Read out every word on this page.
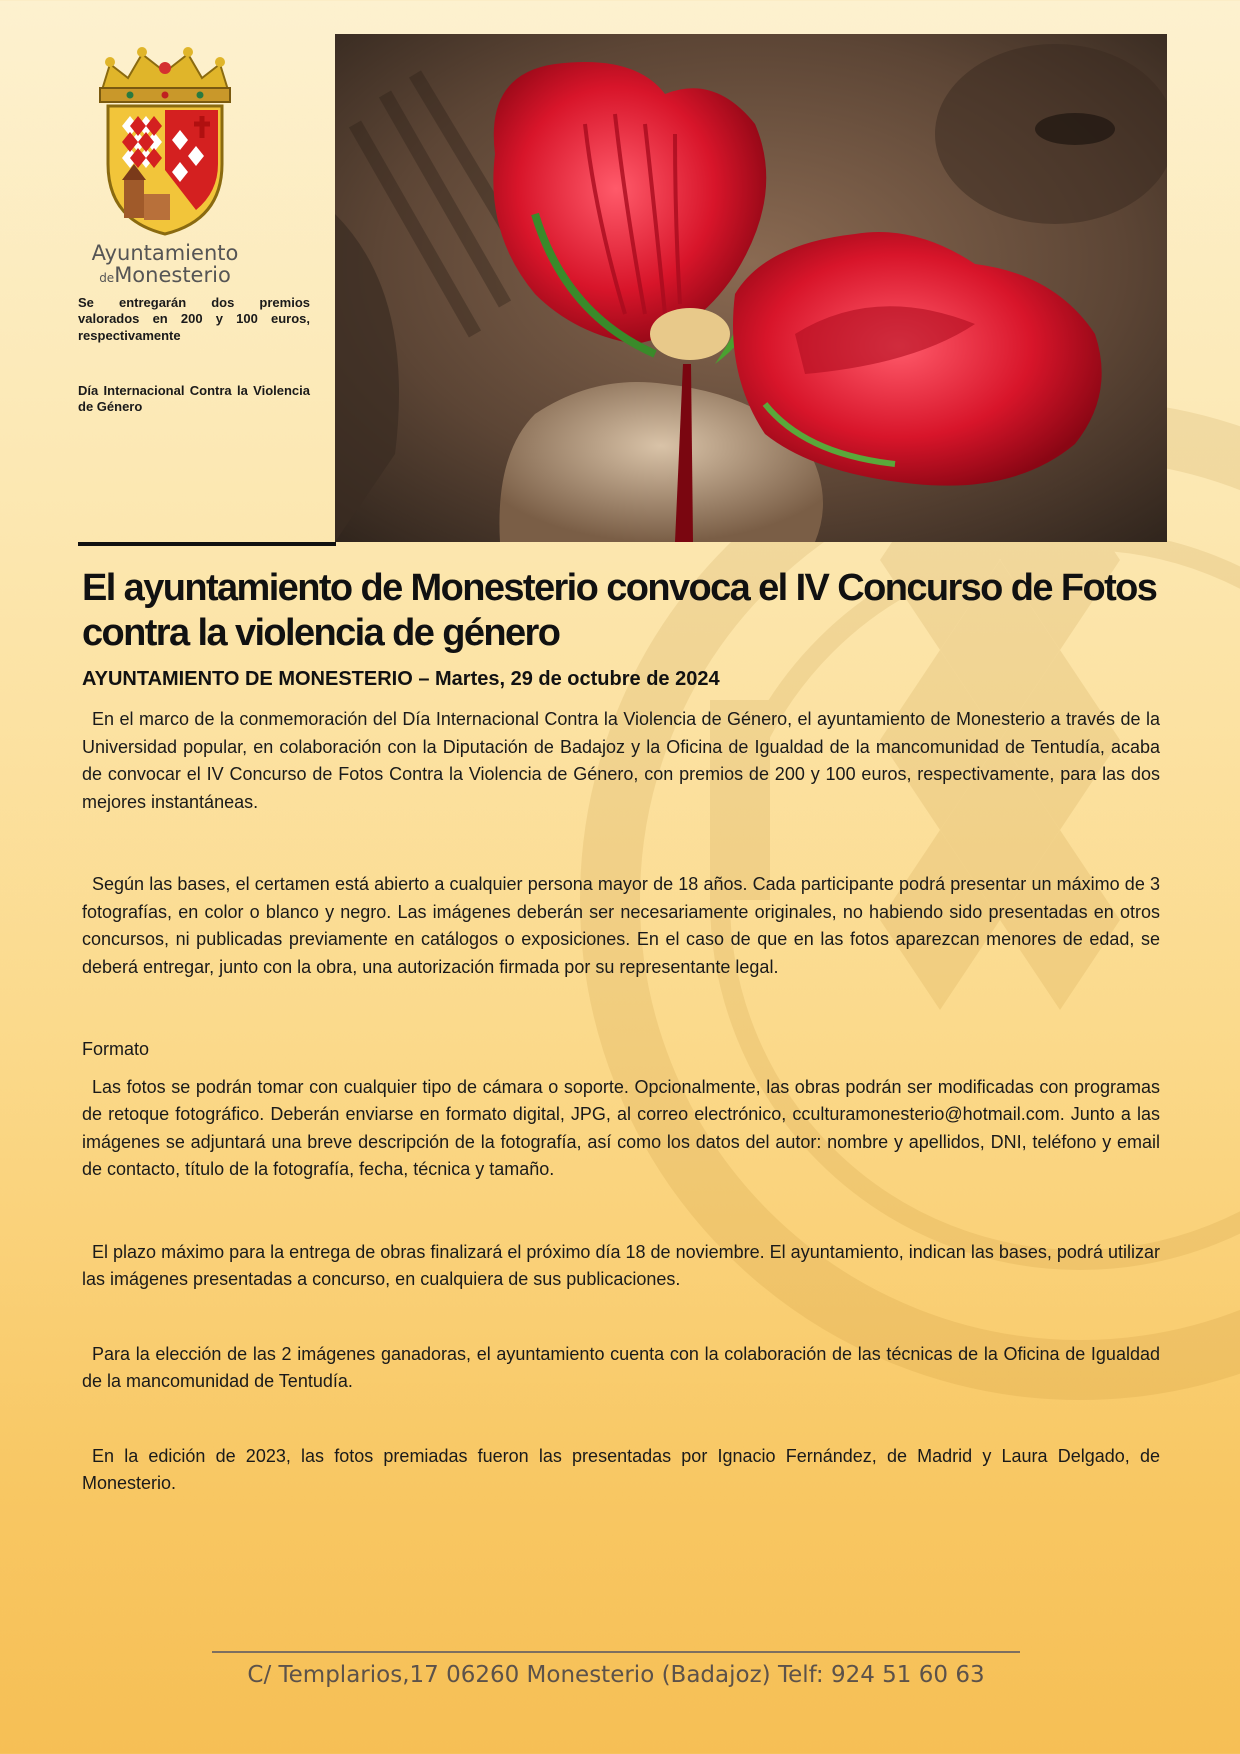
Ayuntamiento
deMonesterio
Se entregarán dos premios valorados en 200 y 100 euros, respectivamente
Día Internacional Contra la Violencia de Género
El ayuntamiento de Monesterio convoca el IV Concurso de Fotos contra la violencia de género
AYUNTAMIENTO DE MONESTERIO – Martes, 29 de octubre de 2024

En el marco de la conmemoración del Día Internacional Contra la Violencia de Género, el ayuntamiento de Monesterio a través de la Universidad popular, en colaboración con la Diputación de Badajoz y la Oficina de Igualdad de la mancomunidad de Tentudía, acaba de convocar el IV Concurso de Fotos Contra la Violencia de Género, con premios de 200 y 100 euros, respectivamente, para las dos mejores instantáneas.

Según las bases, el certamen está abierto a cualquier persona mayor de 18 años. Cada participante podrá presentar un máximo de 3 fotografías, en color o blanco y negro. Las imágenes deberán ser necesariamente originales, no habiendo sido presentadas en otros concursos, ni publicadas previamente en catálogos o exposiciones. En el caso de que en las fotos aparezcan menores de edad, se deberá entregar, junto con la obra, una autorización firmada por su representante legal.

Formato

Las fotos se podrán tomar con cualquier tipo de cámara o soporte. Opcionalmente, las obras podrán ser modificadas con programas de retoque fotográfico. Deberán enviarse en formato digital, JPG, al correo electrónico, cculturamonesterio@hotmail.com. Junto a las imágenes se adjuntará una breve descripción de la fotografía, así como los datos del autor: nombre y apellidos, DNI, teléfono y email de contacto, título de la fotografía, fecha, técnica y tamaño.

El plazo máximo para la entrega de obras finalizará el próximo día 18 de noviembre. El ayuntamiento, indican las bases, podrá utilizar las imágenes presentadas a concurso, en cualquiera de sus publicaciones.

Para la elección de las 2 imágenes ganadoras, el ayuntamiento cuenta con la colaboración de las técnicas de la Oficina de Igualdad de la mancomunidad de Tentudía.

En la edición de 2023, las fotos premiadas fueron las presentadas por Ignacio Fernández, de Madrid y Laura Delgado, de Monesterio.

C/ Templarios,17 06260 Monesterio (Badajoz) Telf: 924 51 60 63
